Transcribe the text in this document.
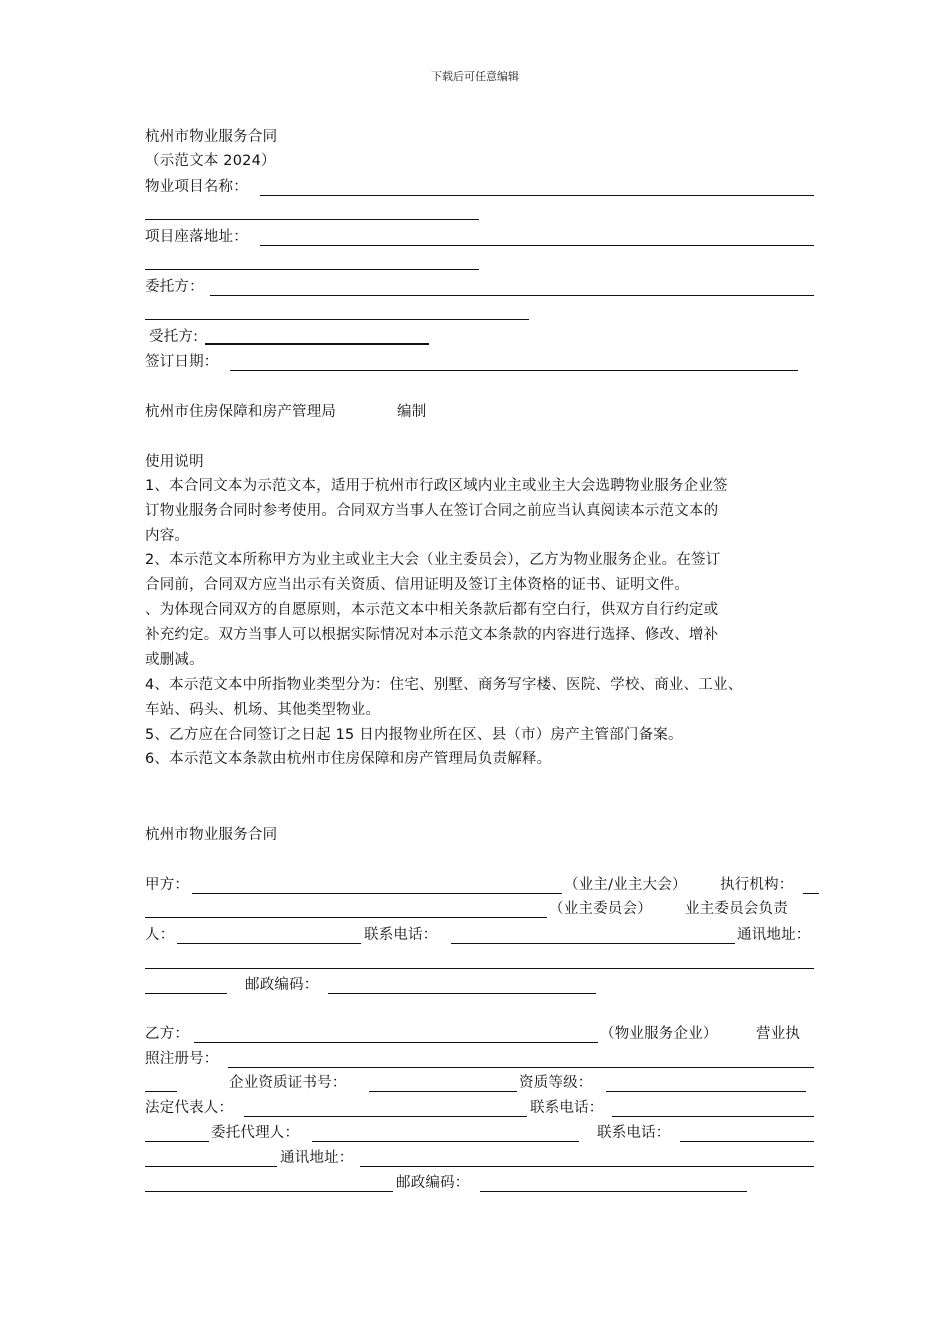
下载后可任意编辑
杭州市物业服务合同
（示范文本 2024）
物业项目名称：
项目座落地址：
委托方：
受托方:
签订日期：
杭州市住房保障和房产管理局	编制
使用说明
1、本合同文本为示范文本，适用于杭州市行政区域内业主或业主大会选聘物业服务企业签
订物业服务合同时参考使用。合同双方当事人在签订合同之前应当认真阅读本示范文本的
内容。
2、本示范文本所称甲方为业主或业主大会（业主委员会），乙方为物业服务企业。在签订
合同前，合同双方应当出示有关资质、信用证明及签订主体资格的证书、证明文件。
、为体现合同双方的自愿原则，本示范文本中相关条款后都有空白行，供双方自行约定或
补充约定。双方当事人可以根据实际情况对本示范文本条款的内容进行选择、修改、增补
或删减。
4、本示范文本中所指物业类型分为：住宅、别墅、商务写字楼、医院、学校、商业、工业、
车站、码头、机场、其他类型物业。
5、乙方应在合同签订之日起 15 日内报物业所在区、县（市）房产主管部门备案。
6、本示范文本条款由杭州市住房保障和房产管理局负责解释。
杭州市物业服务合同
甲方：	（业主/业主大会） 执行机构：
（业主委员会） 业主委员会负责
人：	联系电话：	通讯地址：
邮政编码：
乙方：	（物业服务企业）	营业执
照注册号：
企业资质证书号：	资质等级：
法定代表人：	联系电话：
委托代理人：	联系电话：
通讯地址：
邮政编码：
